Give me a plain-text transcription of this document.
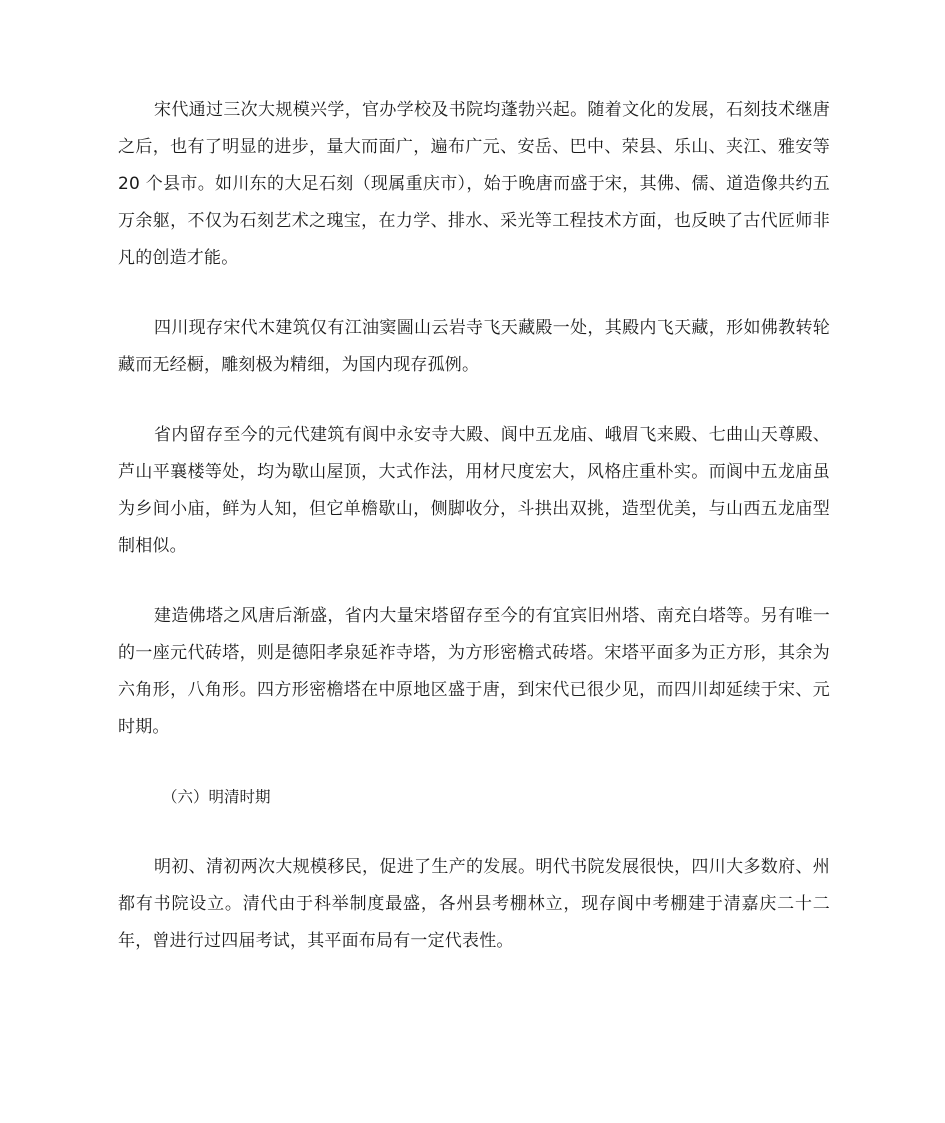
宋代通过三次大规模兴学，官办学校及书院均蓬勃兴起。随着文化的发展，石刻技术继唐之后，也有了明显的进步，量大而面广，遍布广元、安岳、巴中、荣县、乐山、夹江、雅安等 20 个县市。如川东的大足石刻（现属重庆市），始于晚唐而盛于宋，其佛、儒、道造像共约五万余躯，不仅为石刻艺术之瑰宝，在力学、排水、采光等工程技术方面，也反映了古代匠师非凡的创造才能。

四川现存宋代木建筑仅有江油窦圌山云岩寺飞天藏殿一处，其殿内飞天藏，形如佛教转轮藏而无经橱，雕刻极为精细，为国内现存孤例。

省内留存至今的元代建筑有阆中永安寺大殿、阆中五龙庙、峨眉飞来殿、七曲山天尊殿、芦山平襄楼等处，均为歇山屋顶，大式作法，用材尺度宏大，风格庄重朴实。而阆中五龙庙虽为乡间小庙，鲜为人知，但它单檐歇山，侧脚收分，斗拱出双挑，造型优美，与山西五龙庙型制相似。

建造佛塔之风唐后渐盛，省内大量宋塔留存至今的有宜宾旧州塔、南充白塔等。另有唯一的一座元代砖塔，则是德阳孝泉延祚寺塔，为方形密檐式砖塔。宋塔平面多为正方形，其余为六角形，八角形。四方形密檐塔在中原地区盛于唐，到宋代已很少见，而四川却延续于宋、元时期。

（六）明清时期

明初、清初两次大规模移民，促进了生产的发展。明代书院发展很快，四川大多数府、州都有书院设立。清代由于科举制度最盛，各州县考棚林立，现存阆中考棚建于清嘉庆二十二年，曾进行过四届考试，其平面布局有一定代表性。
